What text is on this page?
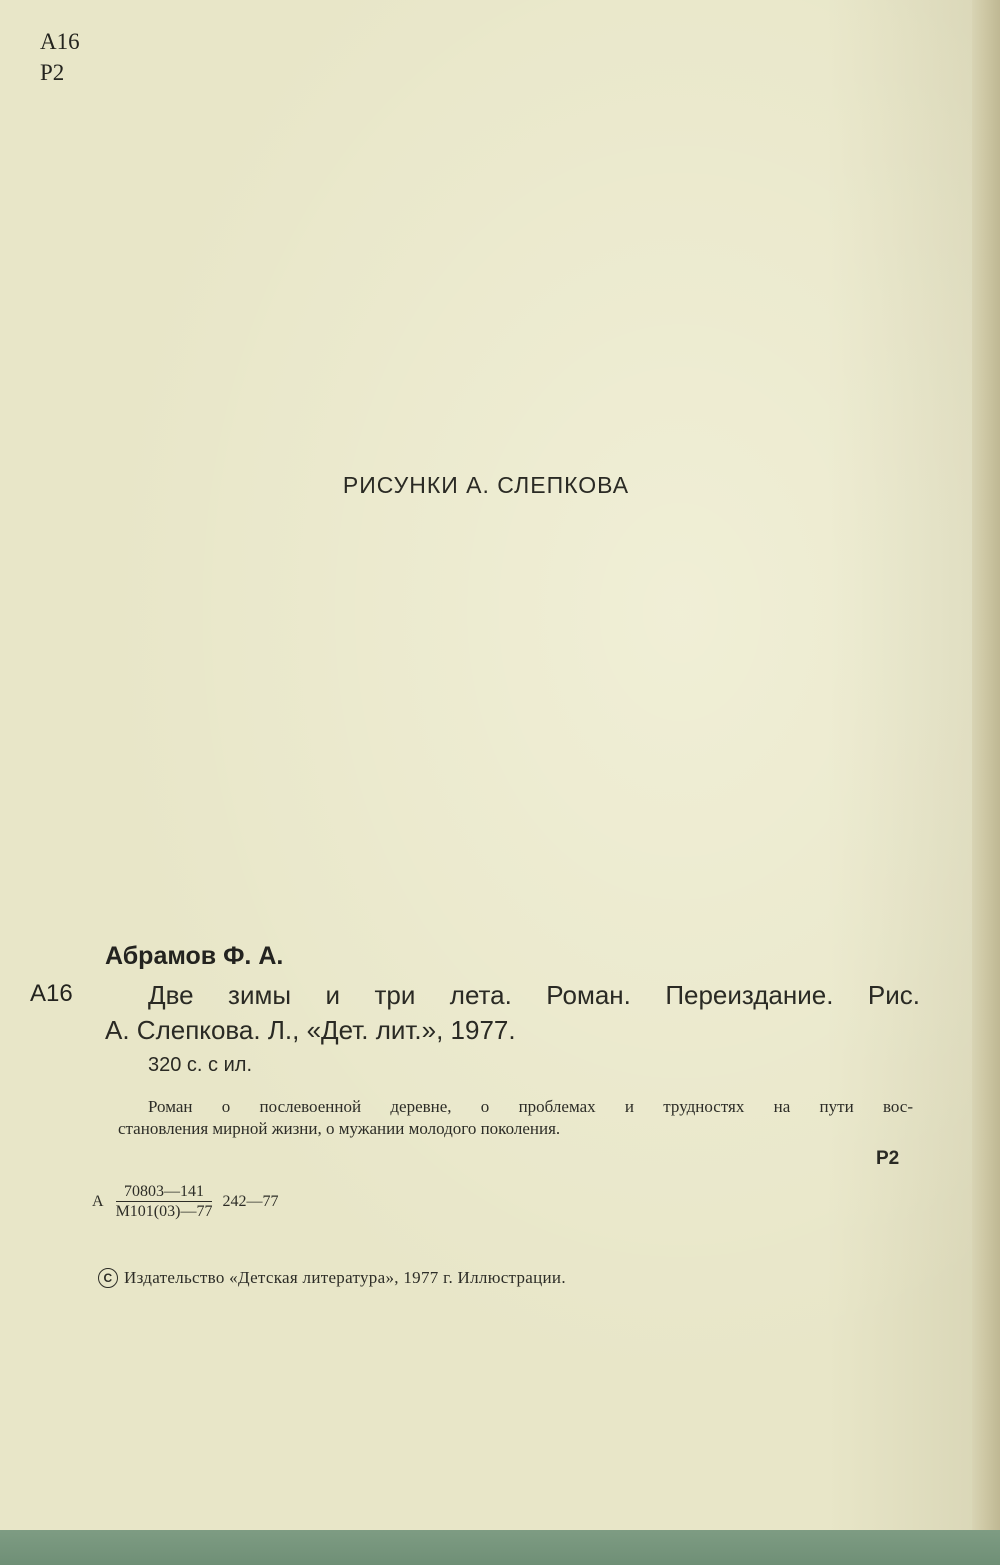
А16
Р2
РИСУНКИ А. СЛЕПКОВА
Абрамов Ф. А.
А16	Две зимы и три лета. Роман. Переиздание. Рис.
А. Слепкова. Л., «Дет. лит.», 1977.
320 с. с ил.
Роман о послевоенной деревне, о проблемах и трудностях на пути вос-
становления мирной жизни, о мужании молодого поколения.
Р2
А $\frac{70803—141}{М101(03)—77}$ 242—77
C Издательство «Детская литература», 1977 г. Иллюстрации.
